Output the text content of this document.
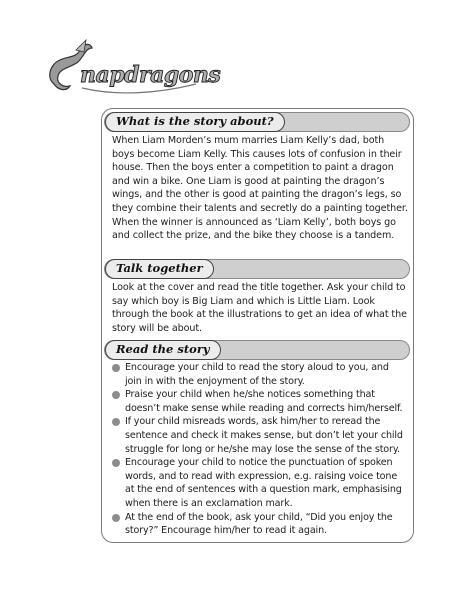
napdragons
What is the story about?

When Liam Morden’s mum marries Liam Kelly’s dad, both boys become Liam Kelly. This causes lots of confusion in their house. Then the boys enter a competition to paint a dragon and win a bike. One Liam is good at painting the dragon’s wings, and the other is good at painting the dragon’s legs, so they combine their talents and secretly do a painting together. When the winner is announced as ‘Liam Kelly’, both boys go and collect the prize, and the bike they choose is a tandem.

Talk together

Look at the cover and read the title together. Ask your child to say which boy is Big Liam and which is Little Liam. Look through the book at the illustrations to get an idea of what the story will be about.

Read the story
Encourage your child to read the story aloud to you, and join in with the enjoyment of the story.
Praise your child when he/she notices something that doesn’t make sense while reading and corrects him/herself.
If your child misreads words, ask him/her to reread the sentence and check it makes sense, but don’t let your child struggle for long or he/she may lose the sense of the story.
Encourage your child to notice the punctuation of spoken words, and to read with expression, e.g. raising voice tone at the end of sentences with a question mark, emphasising when there is an exclamation mark.
At the end of the book, ask your child, “Did you enjoy the story?” Encourage him/her to read it again.
